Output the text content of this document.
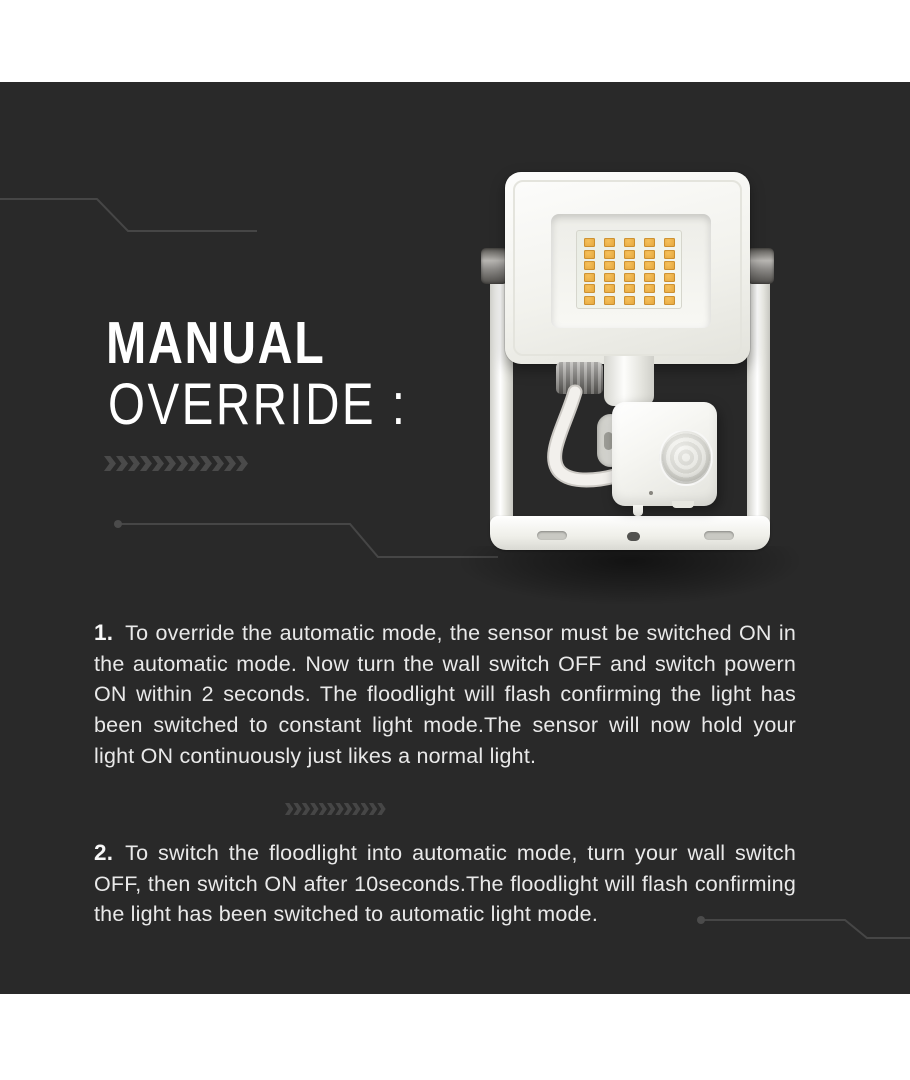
MANUAL
OVERRIDE :

1. To override the automatic mode, the sensor must be switched ON in the automatic mode. Now turn the wall switch OFF and switch powern ON within 2 seconds. The floodlight will flash confirming the light has been switched to constant light mode.The sensor will now hold your light ON continuously just likes a normal light.

2. To switch the floodlight into automatic mode, turn your wall switch OFF, then switch ON after 10seconds.The floodlight will flash confirming the light has been switched to automatic light mode.
